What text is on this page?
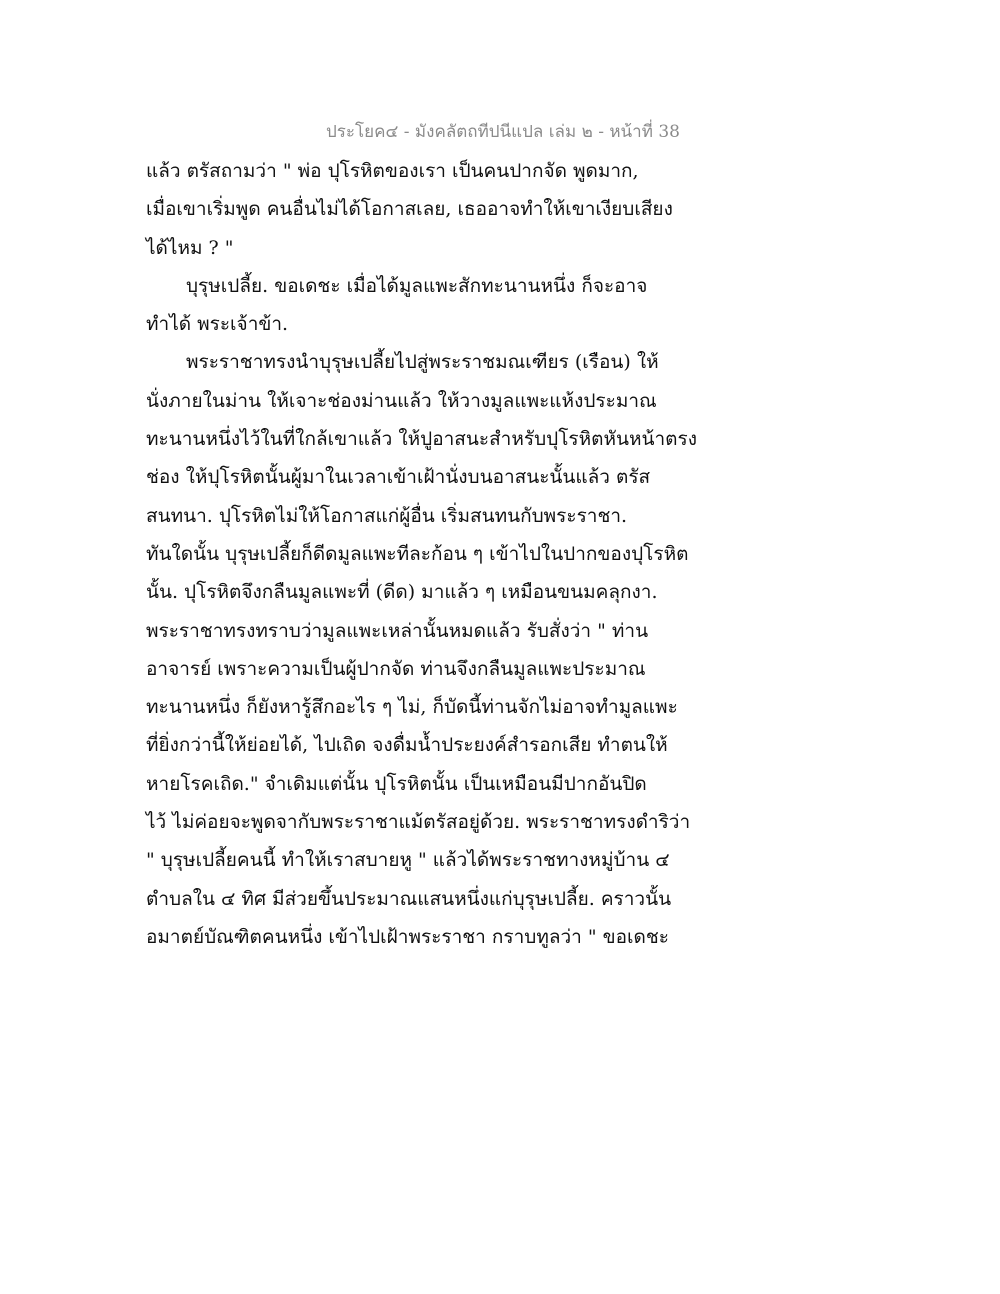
ประโยค๔ - มังคลัตถทีปนีแปล เล่ม ๒ - หน้าที่ 38
แล้ว ตรัสถามว่า " พ่อ ปุโรหิตของเรา เป็นคนปากจัด พูดมาก,
เมื่อเขาเริ่มพูด คนอื่นไม่ได้โอกาสเลย, เธออาจทำให้เขาเงียบเสียง
ได้ไหม ? "
บุรุษเปลี้ย. ขอเดชะ เมื่อได้มูลแพะสักทะนานหนึ่ง ก็จะอาจ
ทำได้ พระเจ้าข้า.
พระราชาทรงนำบุรุษเปลี้ยไปสู่พระราชมณเฑียร (เรือน) ให้
นั่งภายในม่าน ให้เจาะช่องม่านแล้ว ให้วางมูลแพะแห้งประมาณ
ทะนานหนึ่งไว้ในที่ใกล้เขาแล้ว ให้ปูอาสนะสำหรับปุโรหิตหันหน้าตรง
ช่อง ให้ปุโรหิตนั้นผู้มาในเวลาเข้าเฝ้านั่งบนอาสนะนั้นแล้ว ตรัส
สนทนา. ปุโรหิตไม่ให้โอกาสแก่ผู้อื่น เริ่มสนทนกับพระราชา.
ทันใดนั้น บุรุษเปลี้ยก็ดีดมูลแพะทีละก้อน ๆ เข้าไปในปากของปุโรหิต
นั้น. ปุโรหิตจึงกลืนมูลแพะที่ (ดีด) มาแล้ว ๆ เหมือนขนมคลุกงา.
พระราชาทรงทราบว่ามูลแพะเหล่านั้นหมดแล้ว รับสั่งว่า " ท่าน
อาจารย์ เพราะความเป็นผู้ปากจัด ท่านจึงกลืนมูลแพะประมาณ
ทะนานหนึ่ง ก็ยังหารู้สึกอะไร ๆ ไม่, ก็บัดนี้ท่านจักไม่อาจทำมูลแพะ
ที่ยิ่งกว่านี้ให้ย่อยได้, ไปเถิด จงดื่มน้ำประยงค์สำรอกเสีย ทำตนให้
หายโรคเถิด." จำเดิมแต่นั้น ปุโรหิตนั้น เป็นเหมือนมีปากอันปิด
ไว้ ไม่ค่อยจะพูดจากับพระราชาแม้ตรัสอยู่ด้วย. พระราชาทรงดำริว่า
" บุรุษเปลี้ยคนนี้ ทำให้เราสบายหู " แล้วได้พระราชทางหมู่บ้าน ๔
ตำบลใน ๔ ทิศ มีส่วยขึ้นประมาณแสนหนึ่งแก่บุรุษเปลี้ย. คราวนั้น
อมาตย์บัณฑิตคนหนึ่ง เข้าไปเฝ้าพระราชา กราบทูลว่า " ขอเดชะ
